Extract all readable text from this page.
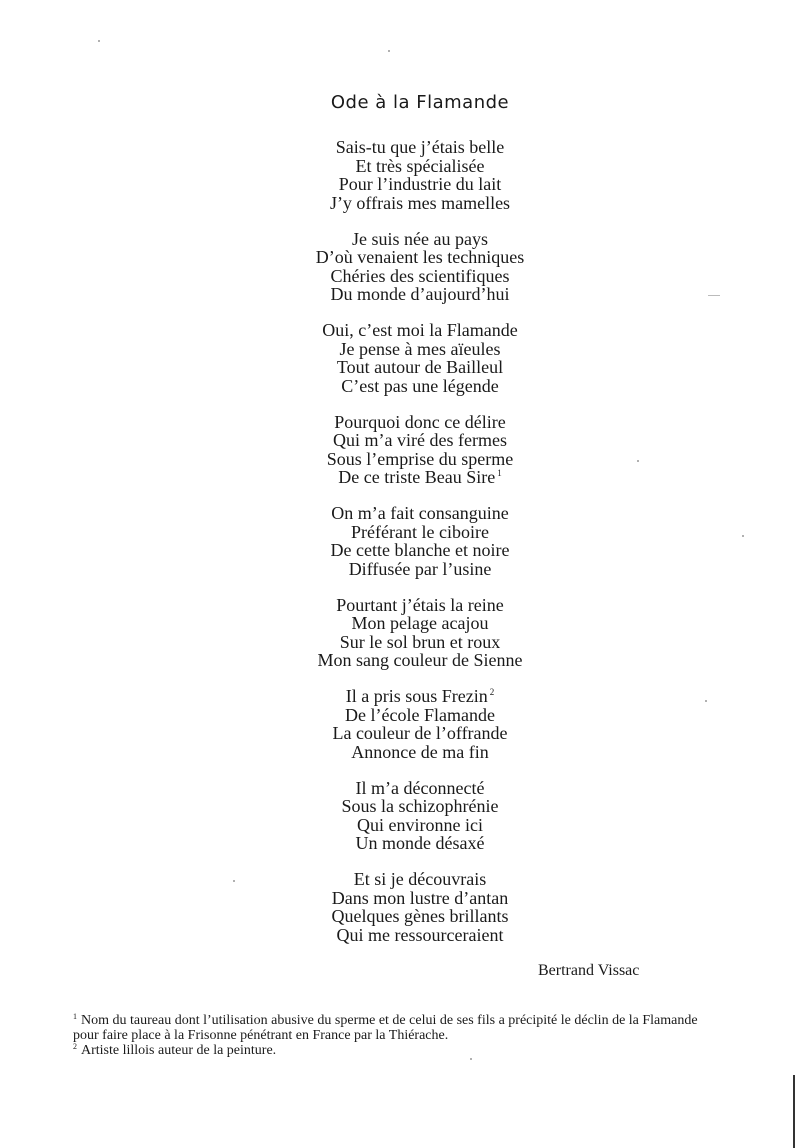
Ode à la Flamande
Sais-tu que j’étais belle
Et très spécialisée
Pour l’industrie du lait
J’y offrais mes mamelles
Je suis née au pays
D’où venaient les techniques
Chéries des scientifiques
Du monde d’aujourd’hui
Oui, c’est moi la Flamande
Je pense à mes aïeules
Tout autour de Bailleul
C’est pas une légende
Pourquoi donc ce délire
Qui m’a viré des fermes
Sous l’emprise du sperme
De ce triste Beau Sire $^1$
On m’a fait consanguine
Préférant le ciboire
De cette blanche et noire
Diffusée par l’usine
Pourtant j’étais la reine
Mon pelage acajou
Sur le sol brun et roux
Mon sang couleur de Sienne
Il a pris sous Frezin $^2$
De l’école Flamande
La couleur de l’offrande
Annonce de ma fin
Il m’a déconnecté
Sous la schizophrénie
Qui environne ici
Un monde désaxé
Et si je découvrais
Dans mon lustre d’antan
Quelques gènes brillants
Qui me ressourceraient
Bertrand Vissac
$^1$ Nom du taureau dont l’utilisation abusive du sperme et de celui de ses fils a précipité le déclin de la Flamande pour faire place à la Frisonne pénétrant en France par la Thiérache.
$^2$ Artiste lillois auteur de la peinture.
